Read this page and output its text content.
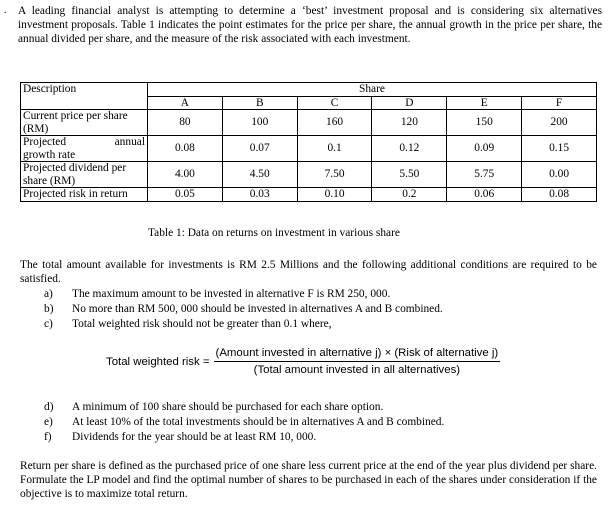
.	A leading financial analyst is attempting to determine a ‘best’ investment proposal and is considering six alternatives investment proposals. Table 1 indicates the point estimates for the price per share, the annual growth in the price per share, the annual divided per share, and the measure of the risk associated with each investment.

Description	Share					
	A	B	C	D	E	F

Current price per share
(RM)	80	100	160	120	150	200

Projected annual
growth rate	0.08	0.07	0.1	0.12	0.09	0.15

Projected dividend per
share (RM)	4.00	4.50	7.50	5.50	5.75	0.00
Projected risk in return	0.05	0.03	0.10	0.2	0.06	0.08
Table 1: Data on returns on investment in various share

The total amount available for investments is RM 2.5 Millions and the following additional conditions are required to be satisfied.

a) The maximum amount to be invested in alternative F is RM 250, 000.
b) No more than RM 500, 000 should be invested in alternatives A and B combined.
c) Total weighted risk should not be greater than 0.1 where,
Total weighted risk = $\frac{\text{(Amount invested in alternative j) × (Risk of alternative j)}}{\text{(Total amount invested in all alternatives)}}$
d) A minimum of 100 share should be purchased for each share option.
e) At least 10% of the total investments should be in alternatives A and B combined.
f) Dividends for the year should be at least RM 10, 000.

Return per share is defined as the purchased price of one share less current price at the end of the year plus dividend per share. Formulate the LP model and find the optimal number of shares to be purchased in each of the shares under consideration if the objective is to maximize total return.
